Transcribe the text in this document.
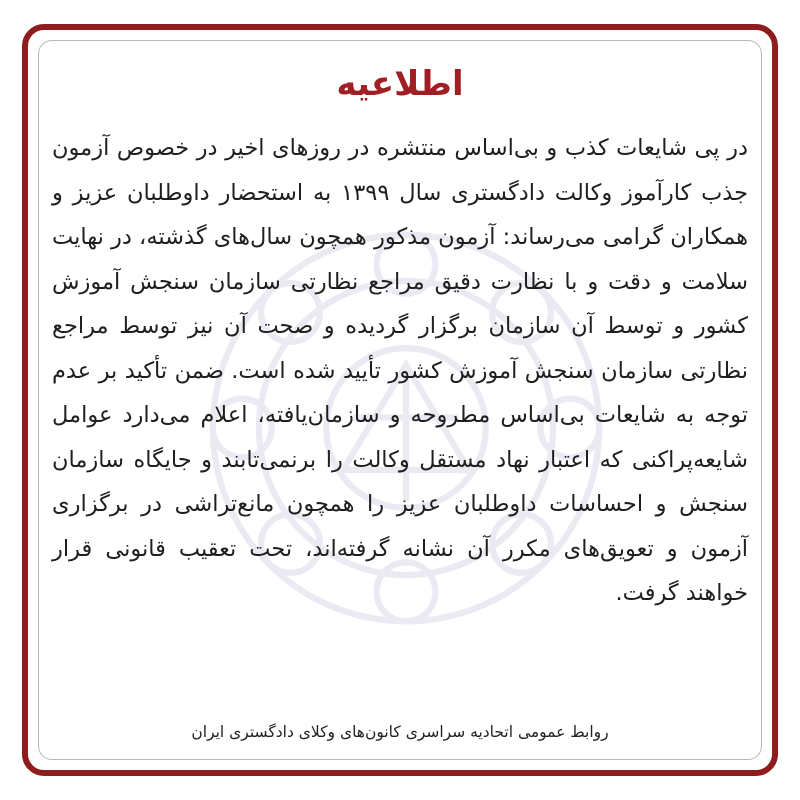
اطلاعیه
در پی شایعات کذب و بی‌اساس منتشره در روزهای اخیر در خصوص آزمون جذب کارآموز وکالت دادگستری سال ۱۳۹۹ به استحضار داوطلبان عزیز و همکاران گرامی می‌رساند: آزمون مذکور همچون سال‌های گذشته، در نهایت سلامت و دقت و با نظارت دقیق مراجع نظارتی سازمان سنجش آموزش کشور و توسط آن سازمان برگزار گردیده و صحت آن نیز توسط مراجع نظارتی سازمان سنجش آموزش کشور تأیید شده است. ضمن تأکید بر عدم توجه به شایعات بی‌اساس مطروحه و سازمان‌یافته، اعلام می‌دارد عوامل شایعه‌پراکنی که اعتبار نهاد مستقل وکالت را برنمی‌تابند و جایگاه سازمان سنجش و احساسات داوطلبان عزیز را همچون مانع‌تراشی در برگزاری آزمون و تعویق‌های مکرر آن نشانه گرفته‌اند، تحت تعقیب قانونی قرار خواهند گرفت.
روابط عمومی اتحادیه سراسری کانون‌های وکلای دادگستری ایران
